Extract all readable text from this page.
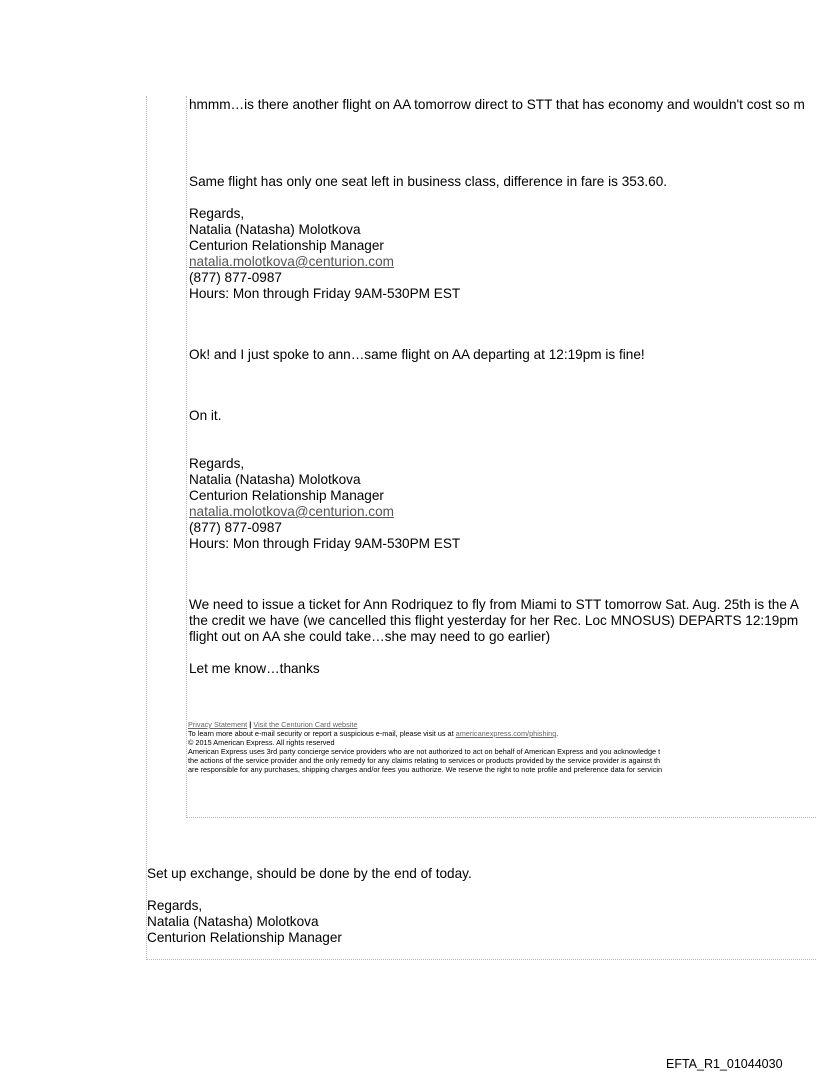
hmmm…is there another flight on AA tomorrow direct to STT that has economy and wouldn't cost so m
Same flight has only one seat left in business class, difference in fare is 353.60.
Regards,
Natalia (Natasha) Molotkova
Centurion Relationship Manager
natalia.molotkova@centurion.com
(877) 877-0987
Hours: Mon through Friday 9AM-530PM EST
Ok! and I just spoke to ann…same flight on AA departing at 12:19pm is fine!
On it.
Regards,
Natalia (Natasha) Molotkova
Centurion Relationship Manager
natalia.molotkova@centurion.com
(877) 877-0987
Hours: Mon through Friday 9AM-530PM EST
We need to issue a ticket for Ann Rodriquez to fly from Miami to STT tomorrow Sat. Aug. 25th is the A
the credit we have (we cancelled this flight yesterday for her Rec. Loc MNOSUS) DEPARTS 12:19pm
flight out on AA she could take…she may need to go earlier)
Let me know…thanks
Privacy Statement | Visit the Centurion Card website
To learn more about e-mail security or report a suspicious e-mail, please visit us at americanexpress.com/phishing.
© 2015 American Express. All rights reserved
American Express uses 3rd party concierge service providers who are not authorized to act on behalf of American Express and you acknowledge t
the actions of the service provider and the only remedy for any claims relating to services or products provided by the service provider is against th
are responsible for any purchases, shipping charges and/or fees you authorize. We reserve the right to note profile and preference data for servicin
Set up exchange, should be done by the end of today.
Regards,
Natalia (Natasha) Molotkova
Centurion Relationship Manager
EFTA_R1_01044030
